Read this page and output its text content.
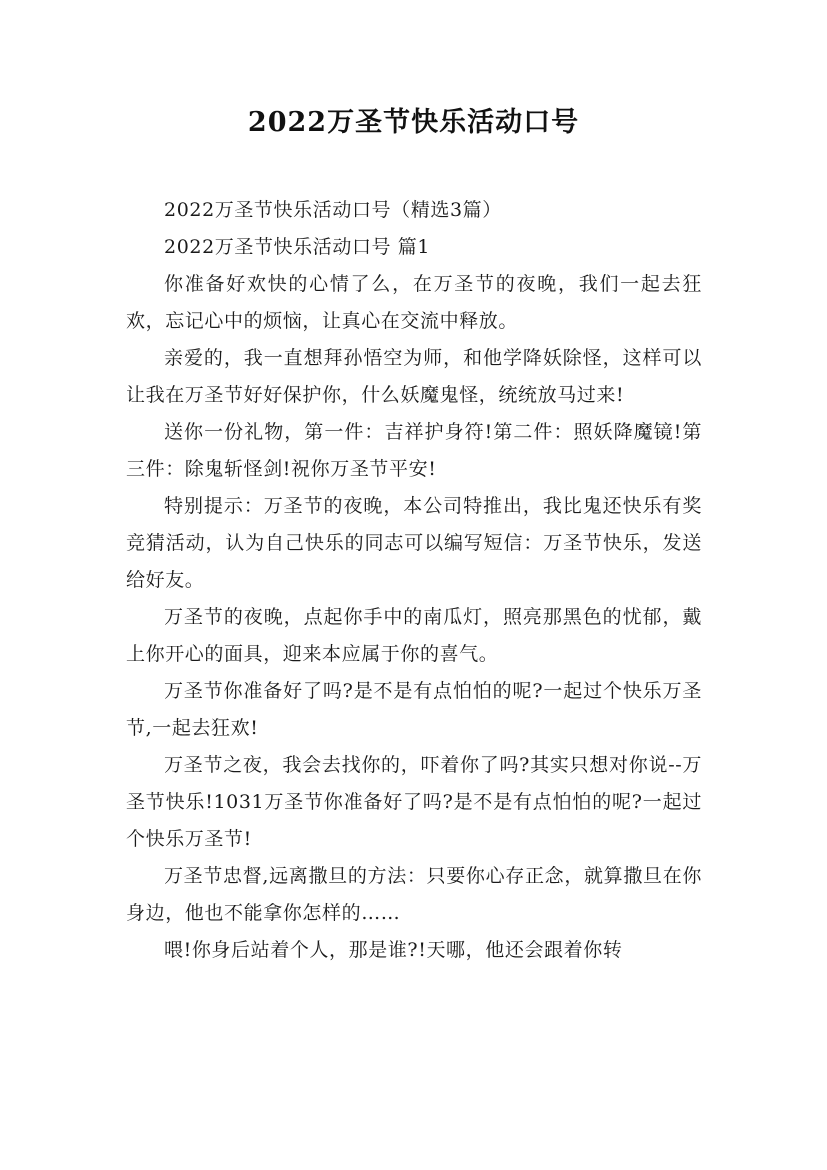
2022万圣节快乐活动口号

2022万圣节快乐活动口号（精选3篇）

2022万圣节快乐活动口号 篇1

你准备好欢快的心情了么，在万圣节的夜晚，我们一起去狂欢，忘记心中的烦恼，让真心在交流中释放。

亲爱的，我一直想拜孙悟空为师，和他学降妖除怪，这样可以让我在万圣节好好保护你，什么妖魔鬼怪，统统放马过来!

送你一份礼物，第一件：吉祥护身符!第二件：照妖降魔镜!第三件：除鬼斩怪剑!祝你万圣节平安!

特别提示：万圣节的夜晚，本公司特推出，我比鬼还快乐有奖竞猜活动，认为自己快乐的同志可以编写短信：万圣节快乐，发送给好友。

万圣节的夜晚，点起你手中的南瓜灯，照亮那黑色的忧郁，戴上你开心的面具，迎来本应属于你的喜气。

万圣节你准备好了吗?是不是有点怕怕的呢?一起过个快乐万圣节,一起去狂欢!

万圣节之夜，我会去找你的，吓着你了吗?其实只想对你说--万圣节快乐!1031万圣节你准备好了吗?是不是有点怕怕的呢?一起过个快乐万圣节!

万圣节忠督,远离撒旦的方法：只要你心存正念，就算撒旦在你身边，他也不能拿你怎样的……

喂!你身后站着个人，那是谁?!天哪，他还会跟着你转
